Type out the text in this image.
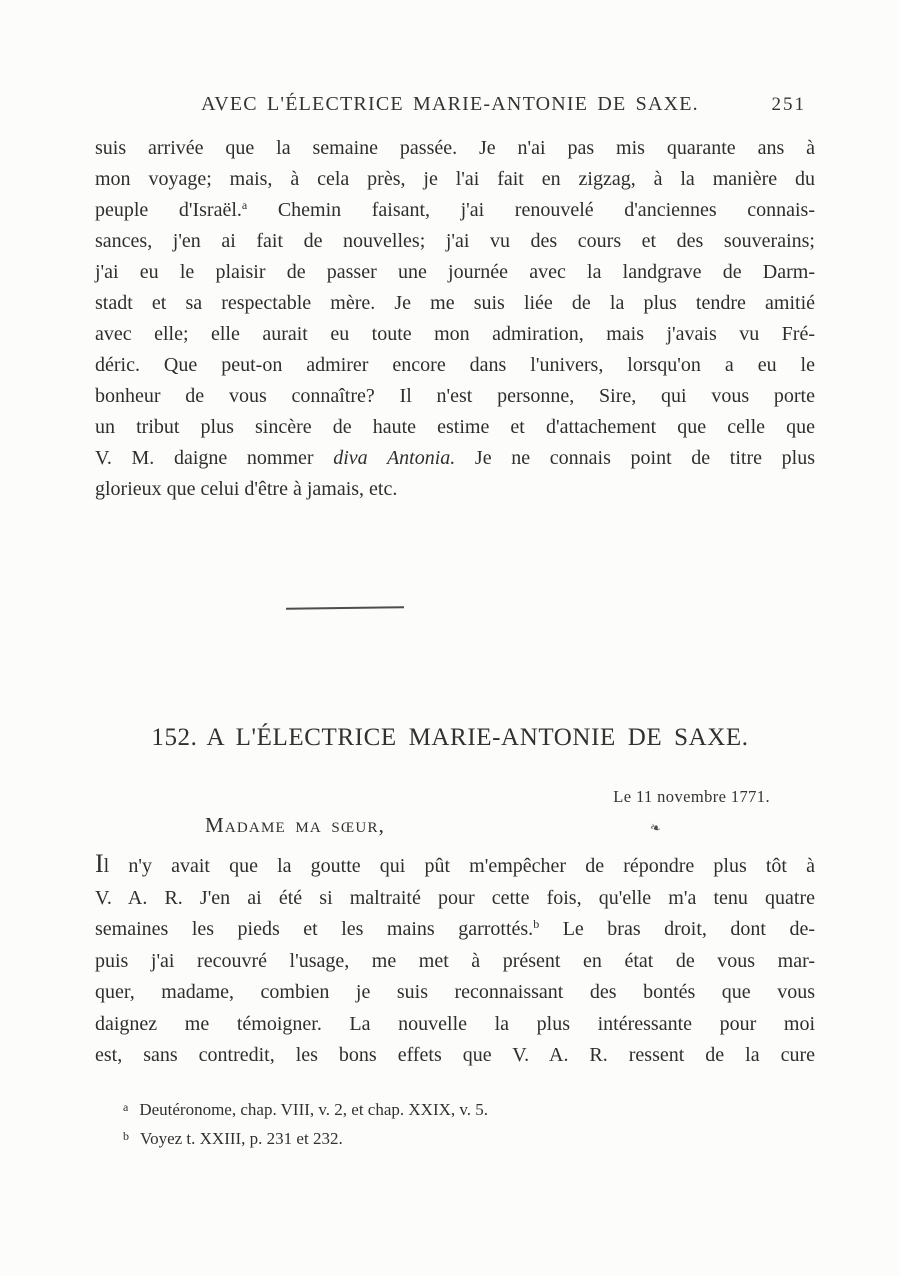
AVEC L'ÉLECTRICE MARIE-ANTONIE DE SAXE.	251
suis arrivée que la semaine passée. Je n'ai pas mis quarante ans à
mon voyage; mais, à cela près, je l'ai fait en zigzag, à la manière du
peuple d'Israël.$^a$ Chemin faisant, j'ai renouvelé d'anciennes connais-
sances, j'en ai fait de nouvelles; j'ai vu des cours et des souverains;
j'ai eu le plaisir de passer une journée avec la landgrave de Darm-
stadt et sa respectable mère. Je me suis liée de la plus tendre amitié
avec elle; elle aurait eu toute mon admiration, mais j'avais vu Fré-
déric. Que peut-on admirer encore dans l'univers, lorsqu'on a eu le
bonheur de vous connaître? Il n'est personne, Sire, qui vous porte
un tribut plus sincère de haute estime et d'attachement que celle que
V. M. daigne nommer diva Antonia. Je ne connais point de titre plus
glorieux que celui d'être à jamais, etc.
152. A L'ÉLECTRICE MARIE-ANTONIE DE SAXE.
Le 11 novembre 1771.
Madame ma sœur,	❧
Il n'y avait que la goutte qui pût m'empêcher de répondre plus tôt à
V. A. R. J'en ai été si maltraité pour cette fois, qu'elle m'a tenu quatre
semaines les pieds et les mains garrottés.$^b$ Le bras droit, dont de-
puis j'ai recouvré l'usage, me met à présent en état de vous mar-
quer, madame, combien je suis reconnaissant des bontés que vous
daignez me témoigner. La nouvelle la plus intéressante pour moi
est, sans contredit, les bons effets que V. A. R. ressent de la cure
$^a$ Deutéronome, chap. VIII, v. 2, et chap. XXIX, v. 5.
$^b$ Voyez t. XXIII, p. 231 et 232.
